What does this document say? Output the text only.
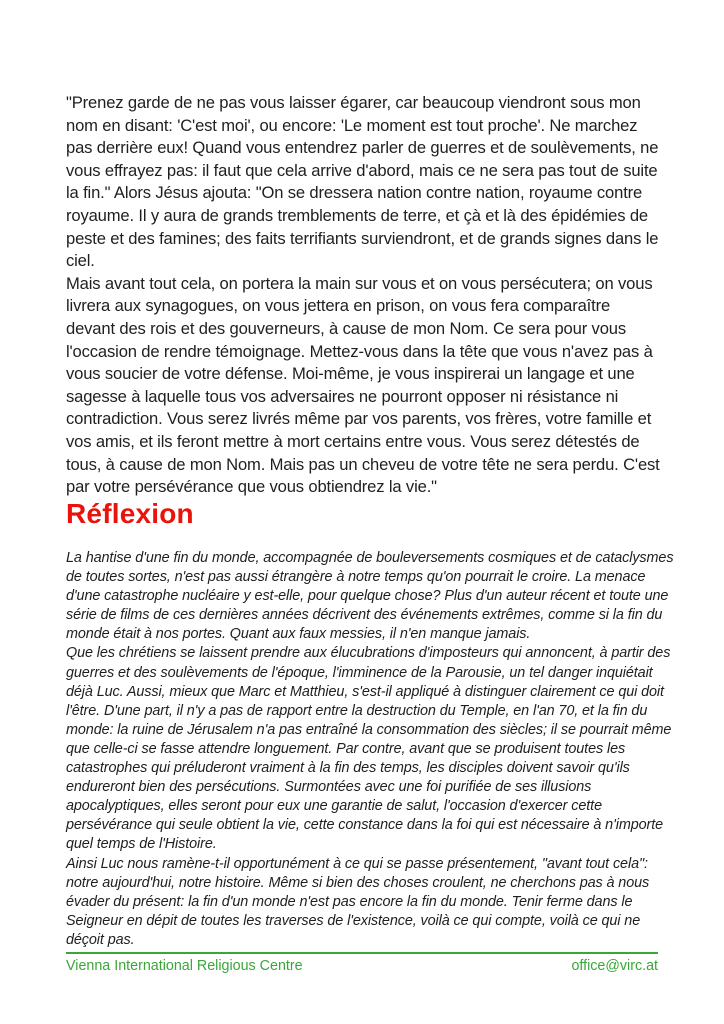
"Prenez garde de ne pas vous laisser égarer, car beaucoup viendront sous mon nom en disant: 'C'est moi', ou encore: 'Le moment est tout proche'. Ne marchez pas derrière eux! Quand vous entendrez parler de guerres et de soulèvements, ne vous effrayez pas: il faut que cela arrive d'abord, mais ce ne sera pas tout de suite la fin." Alors Jésus ajouta: "On se dressera nation contre nation, royaume contre royaume. Il y aura de grands tremblements de terre, et çà et là des épidémies de peste et des famines; des faits terrifiants surviendront, et de grands signes dans le ciel.

Mais avant tout cela, on portera la main sur vous et on vous persécutera; on vous livrera aux synagogues, on vous jettera en prison, on vous fera comparaître devant des rois et des gouverneurs, à cause de mon Nom. Ce sera pour vous l'occasion de rendre témoignage. Mettez-vous dans la tête que vous n'avez pas à vous soucier de votre défense. Moi-même, je vous inspirerai un langage et une sagesse à laquelle tous vos adversaires ne pourront opposer ni résistance ni contradiction. Vous serez livrés même par vos parents, vos frères, votre famille et vos amis, et ils feront mettre à mort certains entre vous. Vous serez détestés de tous, à cause de mon Nom. Mais pas un cheveu de votre tête ne sera perdu. C'est par votre persévérance que vous obtiendrez la vie."

Réflexion

La hantise d'une fin du monde, accompagnée de bouleversements cosmiques et de cataclysmes de toutes sortes, n'est pas aussi étrangère à notre temps qu'on pourrait le croire. La menace d'une catastrophe nucléaire y est-elle, pour quelque chose? Plus d'un auteur récent et toute une série de films de ces dernières années décrivent des événements extrêmes, comme si la fin du monde était à nos portes. Quant aux faux messies, il n'en manque jamais.

Que les chrétiens se laissent prendre aux élucubrations d'imposteurs qui annoncent, à partir des guerres et des soulèvements de l'époque, l'imminence de la Parousie, un tel danger inquiétait déjà Luc. Aussi, mieux que Marc et Matthieu, s'est-il appliqué à distinguer clairement ce qui doit l'être. D'une part, il n'y a pas de rapport entre la destruction du Temple, en l'an 70, et la fin du monde: la ruine de Jérusalem n'a pas entraîné la consommation des siècles; il se pourrait même que celle-ci se fasse attendre longuement. Par contre, avant que se produisent toutes les catastrophes qui préluderont vraiment à la fin des temps, les disciples doivent savoir qu'ils endureront bien des persécutions. Surmontées avec une foi purifiée de ses illusions apocalyptiques, elles seront pour eux une garantie de salut, l'occasion d'exercer cette persévérance qui seule obtient la vie, cette constance dans la foi qui est nécessaire à n'importe quel temps de l'Histoire.

Ainsi Luc nous ramène-t-il opportunément à ce qui se passe présentement, "avant tout cela": notre aujourd'hui, notre histoire. Même si bien des choses croulent, ne cherchons pas à nous évader du présent: la fin d'un monde n'est pas encore la fin du monde. Tenir ferme dans le Seigneur en dépit de toutes les traverses de l'existence, voilà ce qui compte, voilà ce qui ne déçoit pas.

Vienna International Religious Centre	office@virc.at
